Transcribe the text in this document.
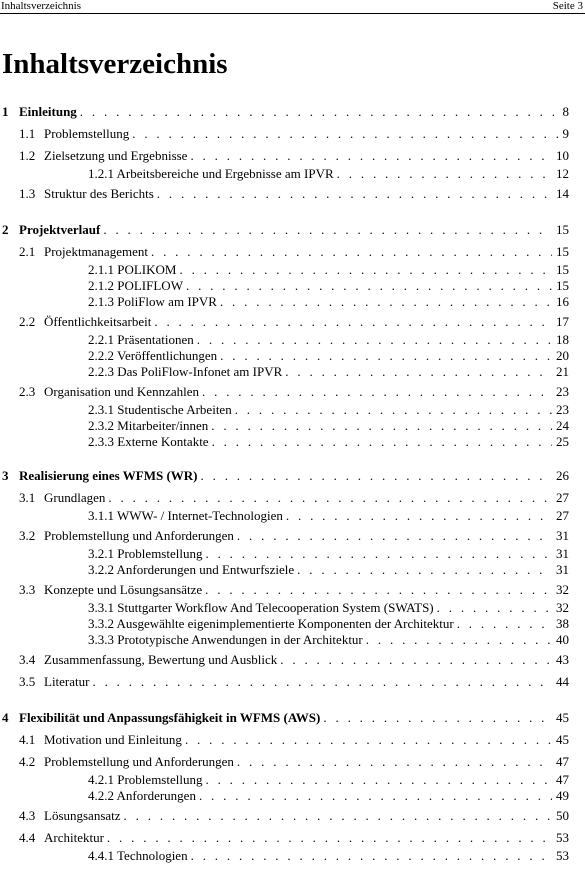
Inhaltsverzeichnis	Seite 3
Inhaltsverzeichnis
1 Einleitung . . .	8
1.1 Problemstellung . . .	9
1.2 Zielsetzung und Ergebnisse . . .	10
1.2.1 Arbeitsbereiche und Ergebnisse am IPVR . . .	12
1.3 Struktur des Berichts . . .	14
2 Projektverlauf . . .	15
2.1 Projektmanagement . . .	15
2.1.1 POLIKOM . . .	15
2.1.2 POLIFLOW . . .	15
2.1.3 PoliFlow am IPVR . . .	16
2.2 Öffentlichkeitsarbeit . . .	17
2.2.1 Präsentationen . . .	18
2.2.2 Veröffentlichungen . . .	20
2.2.3 Das PoliFlow-Infonet am IPVR . . .	21
2.3 Organisation und Kennzahlen . . .	23
2.3.1 Studentische Arbeiten . . .	23
2.3.2 Mitarbeiter/innen . . .	24
2.3.3 Externe Kontakte . . .	25
3 Realisierung eines WFMS (WR) . . .	26
3.1 Grundlagen . . .	27
3.1.1 WWW- / Internet-Technologien . . .	27
3.2 Problemstellung und Anforderungen . . .	31
3.2.1 Problemstellung . . .	31
3.2.2 Anforderungen und Entwurfsziele . . .	31
3.3 Konzepte und Lösungsansätze . . .	32
3.3.1 Stuttgarter Workflow And Telecooperation System (SWATS) . . .	32
3.3.2 Ausgewählte eigenimplementierte Komponenten der Architektur . . .	38
3.3.3 Prototypische Anwendungen in der Architektur . . .	40
3.4 Zusammenfassung, Bewertung und Ausblick . . .	43
3.5 Literatur . . .	44
4 Flexibilität und Anpassungsfähigkeit in WFMS (AWS) . . .	45
4.1 Motivation und Einleitung . . .	45
4.2 Problemstellung und Anforderungen . . .	47
4.2.1 Problemstellung . . .	47
4.2.2 Anforderungen . . .	49
4.3 Lösungsansatz . . .	50
4.4 Architektur . . .	53
4.4.1 Technologien . . .	53
